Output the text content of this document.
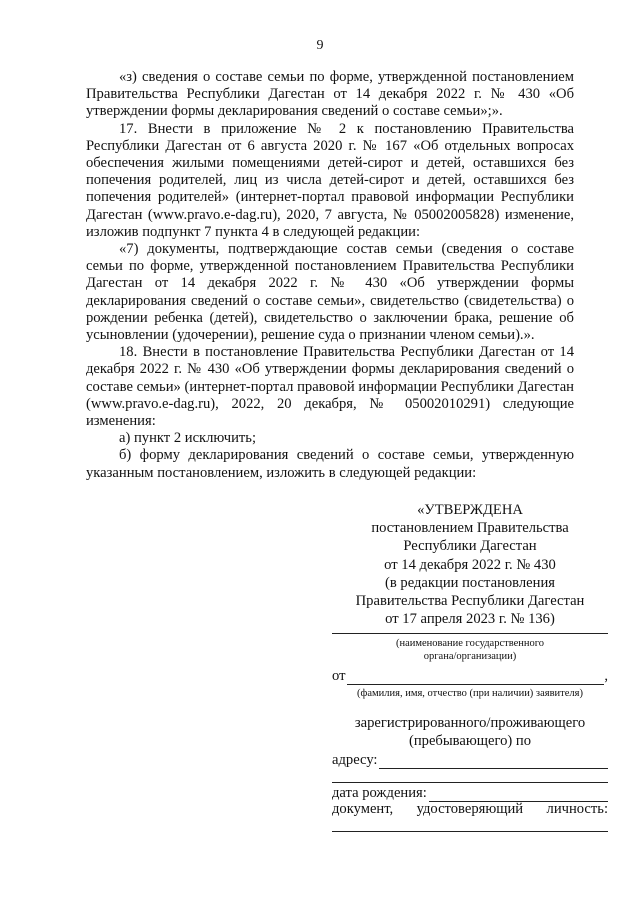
9

«з) сведения о составе семьи по форме, утвержденной постановлением Правительства Республики Дагестан от 14 декабря 2022 г. № 430 «Об утверждении формы декларирования сведений о составе семьи»;».

17. Внести в приложение № 2 к постановлению Правительства Республики Дагестан от 6 августа 2020 г. № 167 «Об отдельных вопросах обеспечения жилыми помещениями детей-сирот и детей, оставшихся без попечения родителей, лиц из числа детей-сирот и детей, оставшихся без попечения родителей» (интернет-портал правовой информации Республики Дагестан (www.pravo.e-dag.ru), 2020, 7 августа, № 05002005828) изменение, изложив подпункт 7 пункта 4 в следующей редакции:

«7) документы, подтверждающие состав семьи (сведения о составе семьи по форме, утвержденной постановлением Правительства Республики Дагестан от 14 декабря 2022 г. № 430 «Об утверждении формы декларирования сведений о составе семьи», свидетельство (свидетельства) о рождении ребенка (детей), свидетельство о заключении брака, решение об усыновлении (удочерении), решение суда о признании членом семьи).».

18. Внести в постановление Правительства Республики Дагестан от 14 декабря 2022 г. № 430 «Об утверждении формы декларирования сведений о составе семьи» (интернет-портал правовой информации Республики Дагестан (www.pravo.e-dag.ru), 2022, 20 декабря, № 05002010291) следующие изменения:

а) пункт 2 исключить;

б) форму декларирования сведений о составе семьи, утвержденную указанным постановлением, изложить в следующей редакции:

«УТВЕРЖДЕНА
постановлением Правительства
Республики Дагестан
от 14 декабря 2022 г. № 430
(в редакции постановления
Правительства Республики Дагестан
от 17 апреля 2023 г. № 136)
(наименование государственного
органа/организации)
от	,
(фамилия, имя, отчество (при наличии) заявителя)
зарегистрированного/проживающего
(пребывающего) по
адресу:
дата рождения:
документ, удостоверяющий личность:
